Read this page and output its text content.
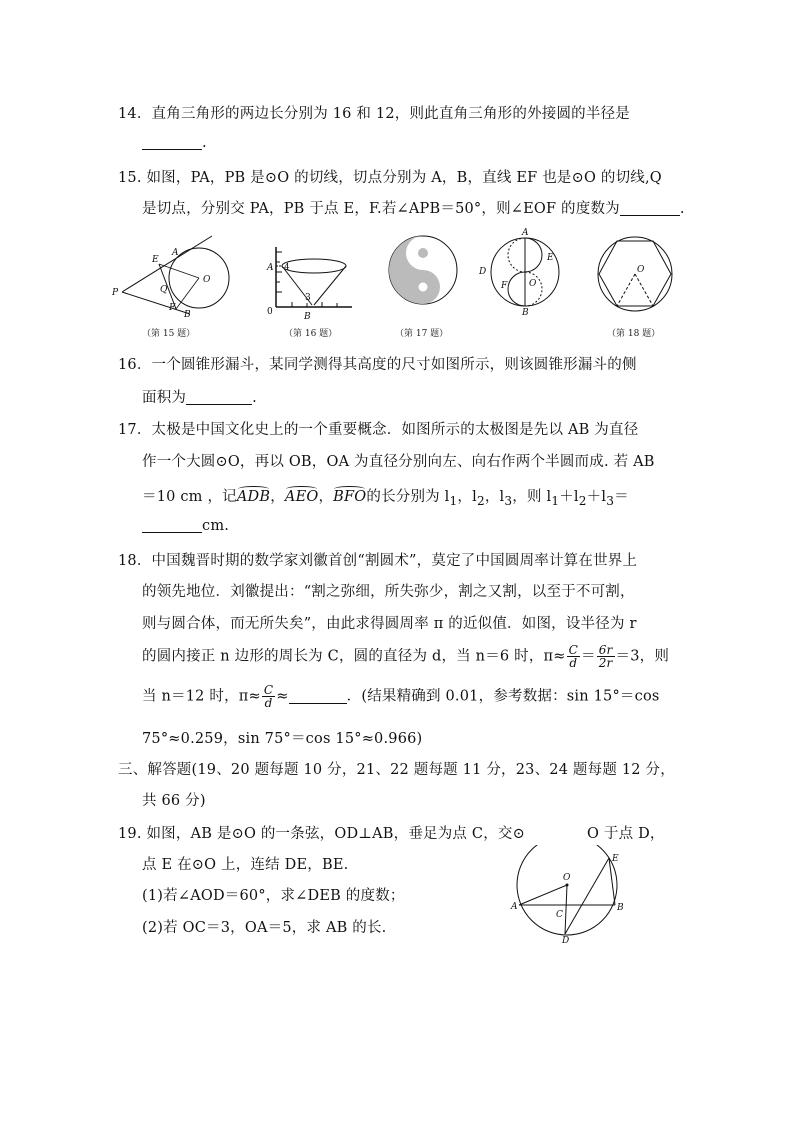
14．直角三角形的两边长分别为 16 和 12，则此直角三角形的外接圆的半径是
.
15. 如图，PA，PB 是⊙O 的切线，切点分别为 A，B，直线 EF 也是⊙O 的切线,Q
是切点，分别交 PA，PB 于点 E，F.若∠APB＝50°，则∠EOF 的度数为	.
P
E
A
Q
O
F
B
（第 15 题）
A 4
3
0	B
（第 16 题）	（第 17 题）
A
B
D
E
F O
O
（第 18 题）
16．一个圆锥形漏斗，某同学测得其高度的尺寸如图所示，则该圆锥形漏斗的侧
面积为	.
17．太极是中国文化史上的一个重要概念．如图所示的太极图是先以 AB 为直径
作一个大圆⊙O，再以 OB，OA 为直径分别向左、向右作两个半圆而成. 若 AB
＝10 cm ，记ADB，AEO，BFO的长分别为 $l_1$，$l_2$，$l_3$，则 $l_1+l_2+l_3=$
cm.
18．中国魏晋时期的数学家刘徽首创“割圆术”，莫定了中国圆周率计算在世界上
的领先地位．刘徽提出：“割之弥细，所失弥少，割之又割，以至于不可割，
则与圆合体，而无所失矣”，由此求得圆周率 π 的近似值．如图，设半径为 r
的圆内接正 n 边形的周长为 C，圆的直径为 d，当 n＝6 时，$\pi\approx \frac{C}{d} = \frac{6r}{2r} =3$，则
当 n＝12 时，$\pi\approx \frac{C}{d}$ ≈	．(结果精确到 0.01，参考数据：sin 15°＝cos
75°≈0.259，sin 75°＝cos 15°≈0.966)
三、解答题(19、20 题每题 10 分，21、22 题每题 11 分，23、24 题每题 12 分，
共 66 分)
19. 如图，AB 是⊙O 的一条弦，OD⊥AB，垂足为点 C，交⊙	O 于点 D，
点 E 在⊙O 上，连结 DE，BE.
(1)若∠AOD＝60°，求∠DEB 的度数；
(2)若 OC＝3，OA＝5，求 AB 的长.
O
E
A	B
C
D
